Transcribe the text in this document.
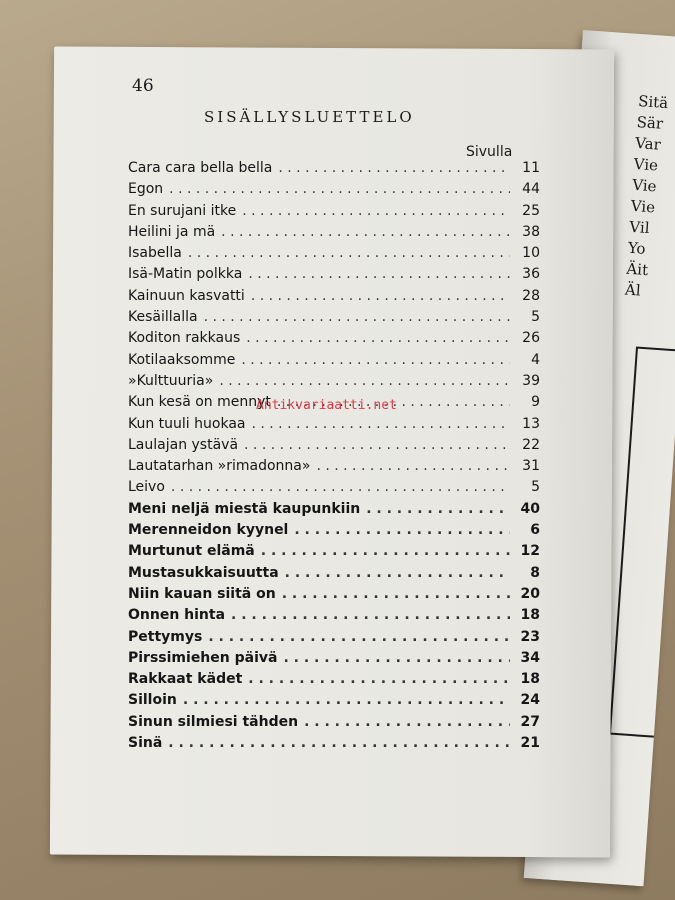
Sitä
Sär
Var
Vie
Vie
Vie
Vil
Yo
Äit
Äl
46
SISÄLLYSLUETTELO
Sivulla
Cara cara bella bella . . .	11
Egon . . .	44
En surujani itke . . .	25
Heilini ja mä . . .	38
Isabella . . .	10
Isä-Matin polkka . . .	36
Kainuun kasvatti . . .	28
Kesäillalla . . .	5
Koditon rakkaus . . .	26
Kotilaaksomme . . .	4
»Kulttuuria» . . .	39
Kun kesä on mennyt . . .	9
Kun tuuli huokaa . . .	13
Laulajan ystävä . . .	22
Lautatarhan »rimadonna» . . .	31
Leivo . . .	5
Meni neljä miestä kaupunkiin . . .	40
Merenneidon kyynel . . .	6
Murtunut elämä . . .	12
Mustasukkaisuutta . . .	8
Niin kauan siitä on . . .	20
Onnen hinta . . .	18
Pettymys . . .	23
Pirssimiehen päivä . . .	34
Rakkaat kädet . . .	18
Silloin . . .	24
Sinun silmiesi tähden . . .	27
Sinä . . .	21
Antikvariaatti.net
